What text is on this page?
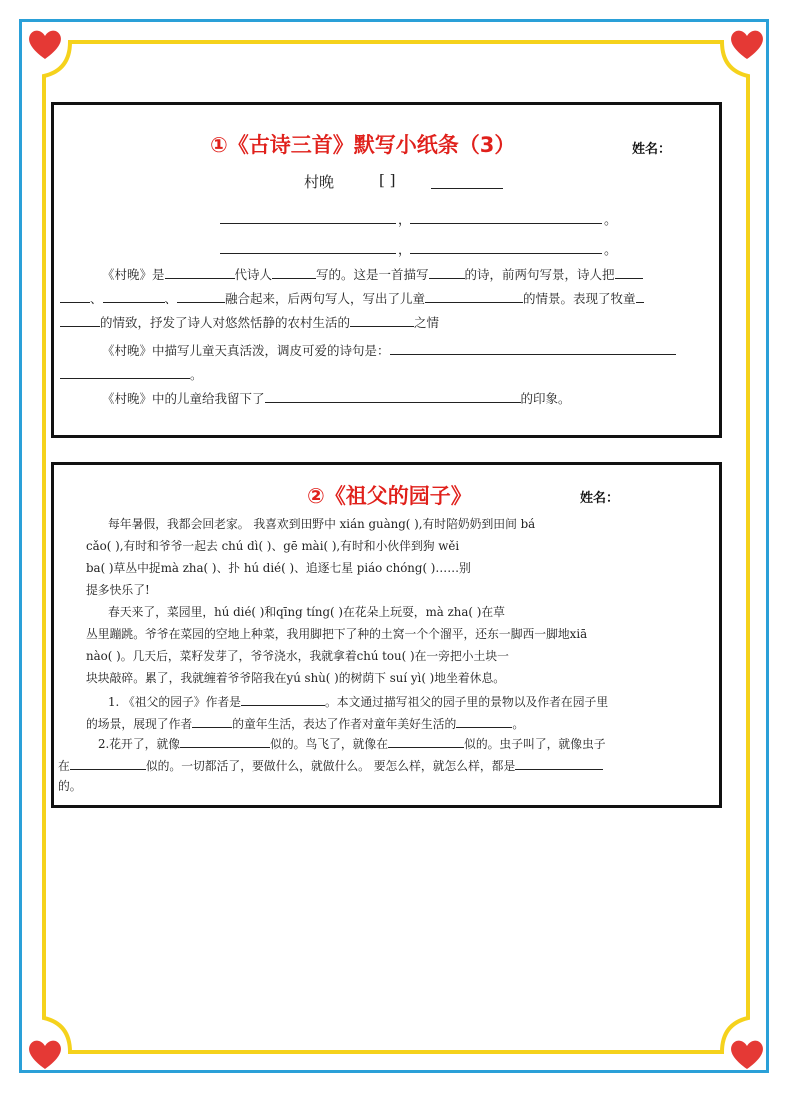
①《古诗三首》默写小纸条（3）	姓名：
村晚	[ ]
，	。
，	。
《村晚》是	代诗人	写的。这是一首描写	的诗，前两句写景，诗人把
、	、	融合起来，后两句写人，写出了儿童	的情景。表现了牧童
的情致，抒发了诗人对悠然恬静的农村生活的	之情
《村晚》中描写儿童天真活泼，调皮可爱的诗句是：
。
《村晚》中的儿童给我留下了	的印象。
②《祖父的园子》	姓名：
每年暑假，我都会回老家。 我喜欢到田野中 xián guàng( ),有时陪奶奶到田间 bá
cǎo( ),有时和爷爷一起去 chú dì( )、gē mài( ),有时和小伙伴到狗 wěi
ba( )草丛中捉mà zha( )、扑 hú dié( )、追逐七星 piáo chóng( )……别
提多快乐了!
春天来了，菜园里，hú dié( )和qīng tíng( )在花朵上玩耍，mà zha( )在草
丛里蹦跳。爷爷在菜园的空地上种菜，我用脚把下了种的土窝一个个溜平，还东一脚西一脚地xiā
nào( )。几天后，菜籽发芽了，爷爷浇水，我就拿着chú tou( )在一旁把小土块一
块块敲碎。累了，我就缠着爷爷陪我在yú shù( )的树荫下 suí yì( )地坐着休息。
1. 《祖父的园子》作者是	。本文通过描写祖父的园子里的景物以及作者在园子里
的场景，展现了作者	的童年生活，表达了作者对童年美好生活的	。
2.花开了，就像	似的。鸟飞了，就像在	似的。虫子叫了，就像虫子
在	似的。一切都活了，要做什么，就做什么。 要怎么样，就怎么样，都是
的。
